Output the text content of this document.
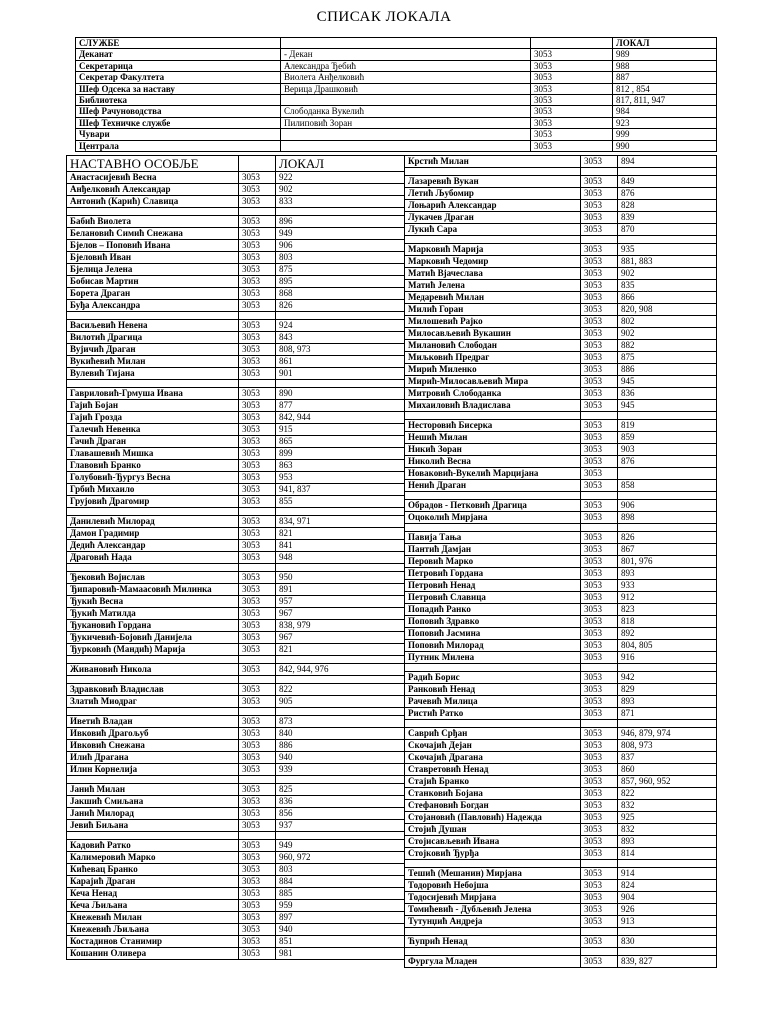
СПИСАК ЛОКАЛА
СЛУЖБЕ			ЛОКАЛ
Деканат	- Декан	3053	989
Секретарица	Александра Ђебић	3053	988
Секретар Факултета	Виолета Анђелковић	3053	887
Шеф Одсека за наставу	Верица Драшковић	3053	812 , 854
Библиотека		3053	817, 811, 947
Шеф Рачуноводства	Слободанка Вукелић	3053	984
Шеф Техничке службе	Пилиповић Зоран	3053	923
Чувари		3053	999
Централа		3053	990
НАСТАВНО ОСОБЉЕ		ЛОКАЛ
Анастасијевић Весна	3053	922
Анђелковић Александар	3053	902
Антонић (Карић) Славица	3053	833

Бабић Виолета	3053	896
Белановић Симић Снежана	3053	949
Бјелов – Поповић Ивана	3053	906
Бјеловић Иван	3053	803
Бјелица Јелена	3053	875
Бобисав Мартин	3053	895
Борета Драган	3053	868
Буђа Александра	3053	826

Васиљевић Невена	3053	924
Вилотић Драгица	3053	843
Вујичић Драган	3053	808, 973
Вукићевић Милан	3053	861
Вулевић Тијана	3053	901

Гавриловић-Грмуша Ивана	3053	890
Гајић Бојан	3053	877
Гајић Грозда	3053	842, 944
Галечић Невенка	3053	915
Гачић Драган	3053	865
Главашевић Мишка	3053	899
Главовић Бранко	3053	863
Голубовић-Ђургуз Весна	3053	953
Грбић Михаило	3053	941, 837
Грујовић Драгомир	3053	855

Данилевић Милорад	3053	834, 971
Дамон Градимир	3053	821
Дедић Александар	3053	841
Драговић Нада	3053	948

Ђековић Војислав	3053	950
Ђипаровић-Мамаасовић Милинка	3053	891
Ђукић Весна	3053	957
Ђукић Матилда	3053	967
Ђукановић Гордана	3053	838, 979
Ђукичевић-Бојовић Данијела	3053	967
Ђурковић (Мандић) Марија	3053	821

Живановић Никола	3053	842, 944, 976

Здравковић Владислав	3053	822
Златић Миодраг	3053	905

Иветић Владан	3053	873
Ивковић Драгољуб	3053	840
Ивковић Снежана	3053	886
Илић Драгана	3053	940
Илин Корнелија	3053	939

Јанић Милан	3053	825
Јакшић Смиљана	3053	836
Јанић Милорад	3053	856
Јевић Биљана	3053	937

Кадовић Ратко	3053	949
Калимеровић Марко	3053	960, 972
Кићевац Бранко	3053	803
Карајић Драган	3053	884
Кеча Ненад	3053	885
Кеча Љиљана	3053	959
Кнежевић Милан	3053	897
Кнежевић Љиљана	3053	940
Костадинов Станимир	3053	851
Кошанин Оливера	3053	981
Крстић Милан	3053	894

Лазаревић Вукан	3053	849
Летић Љубомир	3053	876
Лоњарић Александар	3053	828
Лукачев Драган	3053	839
Лукић Сара	3053	870

Марковић Марија	3053	935
Марковић Чедомир	3053	881, 883
Матић Вјачеслава	3053	902
Матић Јелена	3053	835
Медаревић Милан	3053	866
Милић Горан	3053	820, 908
Милошевић Рајко	3053	802
Милосављевић Вукашин	3053	902
Милановић Слободан	3053	882
Миљковић Предраг	3053	875
Мирић Миленко	3053	886
Мирић-Милосављевић Мира	3053	945
Митровић Слободанка	3053	836
Михаиловић Владислава	3053	945

Несторовић Бисерка	3053	819
Нешић Милан	3053	859
Никић Зоран	3053	903
Николић Весна	3053	876
Новаковић-Вукелић Марцијана	3053	
Ненић Драган	3053	858

Обрадов - Петковић Драгица	3053	906
Оцоколић Мирјана	3053	898

Павија Тања	3053	826
Пантић Дамјан	3053	867
Перовић Марко	3053	801, 976
Петровић Гордана	3053	893
Петровић Ненад	3053	933
Петровић Славица	3053	912
Попадић Ранко	3053	823
Поповић Здравко	3053	818
Поповић Јасмина	3053	892
Поповић Милорад	3053	804, 805
Путник Милена	3053	916

Радић Борис	3053	942
Ранковић Ненад	3053	829
Рачевић Милица	3053	893
Ристић Ратко	3053	871

Саврић Срђан	3053	946, 879, 974
Скочајић Дејан	3053	808, 973
Скочајић Драгана	3053	837
Ставретовић Ненад	3053	860
Стајић Бранко	3053	857, 960, 952
Станковић Бојана	3053	822
Стефановић Богдан	3053	832
Стојановић (Павловић) Надежда	3053	925
Стојић Душан	3053	832
Стојисављевић Ивана	3053	893
Стојковић Ђурђа	3053	814

Тешић (Мешанин) Мирјана	3053	914
Тодоровић Небојша	3053	824
Тодосијевић Мирјана	3053	904
Томићевић - Дубљевић Јелена	3053	926
Тутунџић Андреја	3053	913

Ћупрић Ненад	3053	830

Фургула Младен	3053	839, 827
